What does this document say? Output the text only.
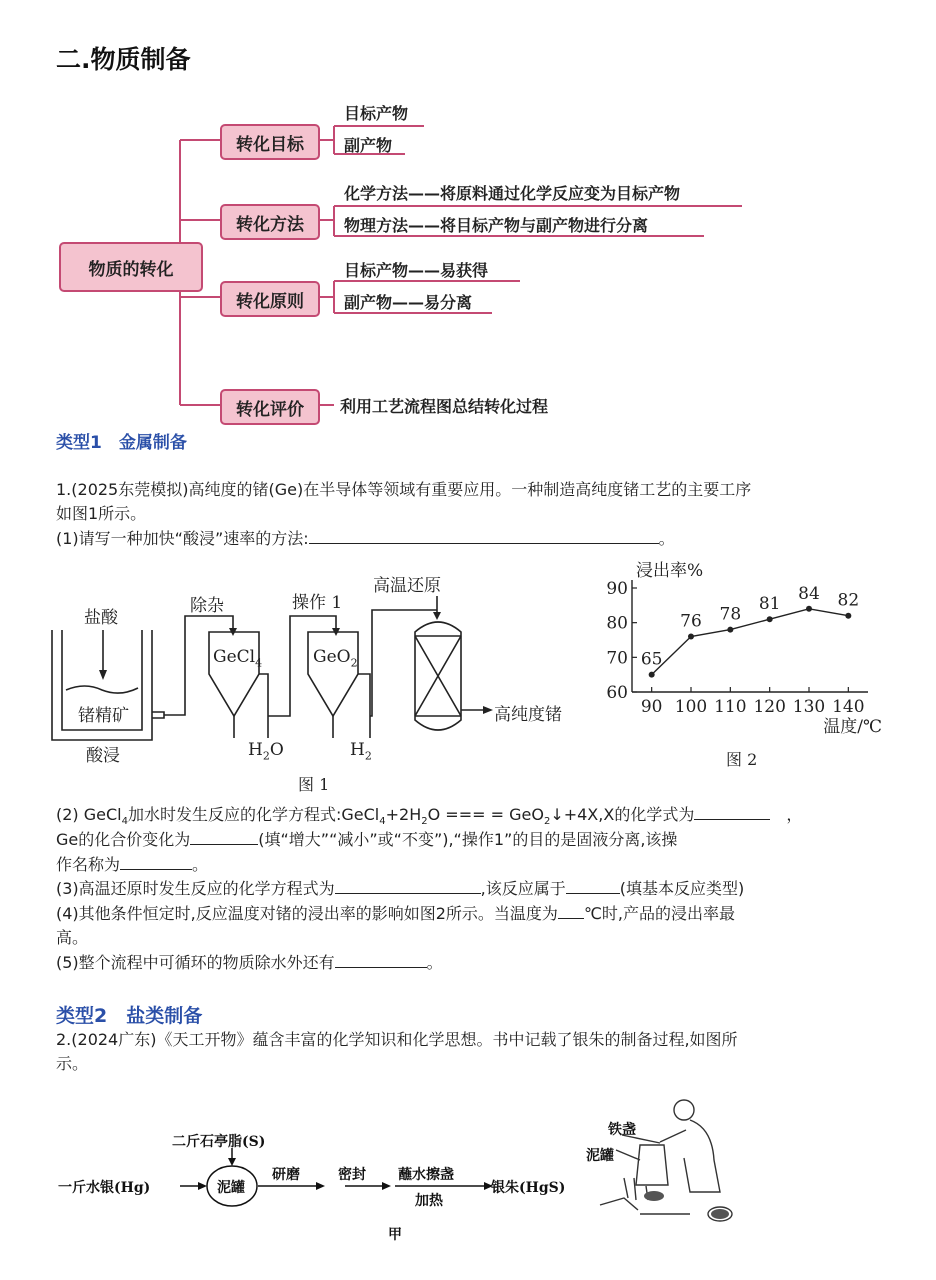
二.物质制备
物质的转化
转化目标
转化方法
转化原则
转化评价
目标产物
副产物
化学方法——将原料通过化学反应变为目标产物
物理方法——将目标产物与副产物进行分离
目标产物——易获得
副产物——易分离
利用工艺流程图总结转化过程
类型1　金属制备
1.(2025东莞模拟)高纯度的锗(Ge)在半导体等领域有重要应用。一种制造高纯度锗工艺的主要工序
如图1所示。
(1)请写一种加快“酸浸”速率的方法:	。
盐酸
锗精矿
酸浸
除杂	操作 1
高温还原
GeCl$_4$	GeO$_2$
$H_2O$	$H_2$
高纯度锗
图 1
60
70
80
90
90 100 110 120 130 140
65
76 78
81
84 82
浸出率%
温度/℃
图 2
(2) GeCl$_4$加水时发生反应的化学方程式$:GeCl_4+2H_2O$ === = GeO$_2$↓+4X,X的化学式为	，
Ge的化合价变化为	(填“增大”“减小”或“不变”),“操作1”的目的是固液分离,该操
作名称为	。
(3)高温还原时发生反应的化学方程式为	,该反应属于	(填基本反应类型)
(4)其他条件恒定时,反应温度对锗的浸出率的影响如图2所示。当温度为 ℃时,产品的浸出率最
高。
(5)整个流程中可循环的物质除水外还有	。
类型2　盐类制备
2.(2024广东)《天工开物》蕴含丰富的化学知识和化学思想。书中记载了银朱的制备过程,如图所
示。
二斤石亭脂(S)
一斤水银(Hg)	泥罐
研磨	密封 蘸水擦盏
加热
银朱(HgS)
甲
铁盏
泥罐
